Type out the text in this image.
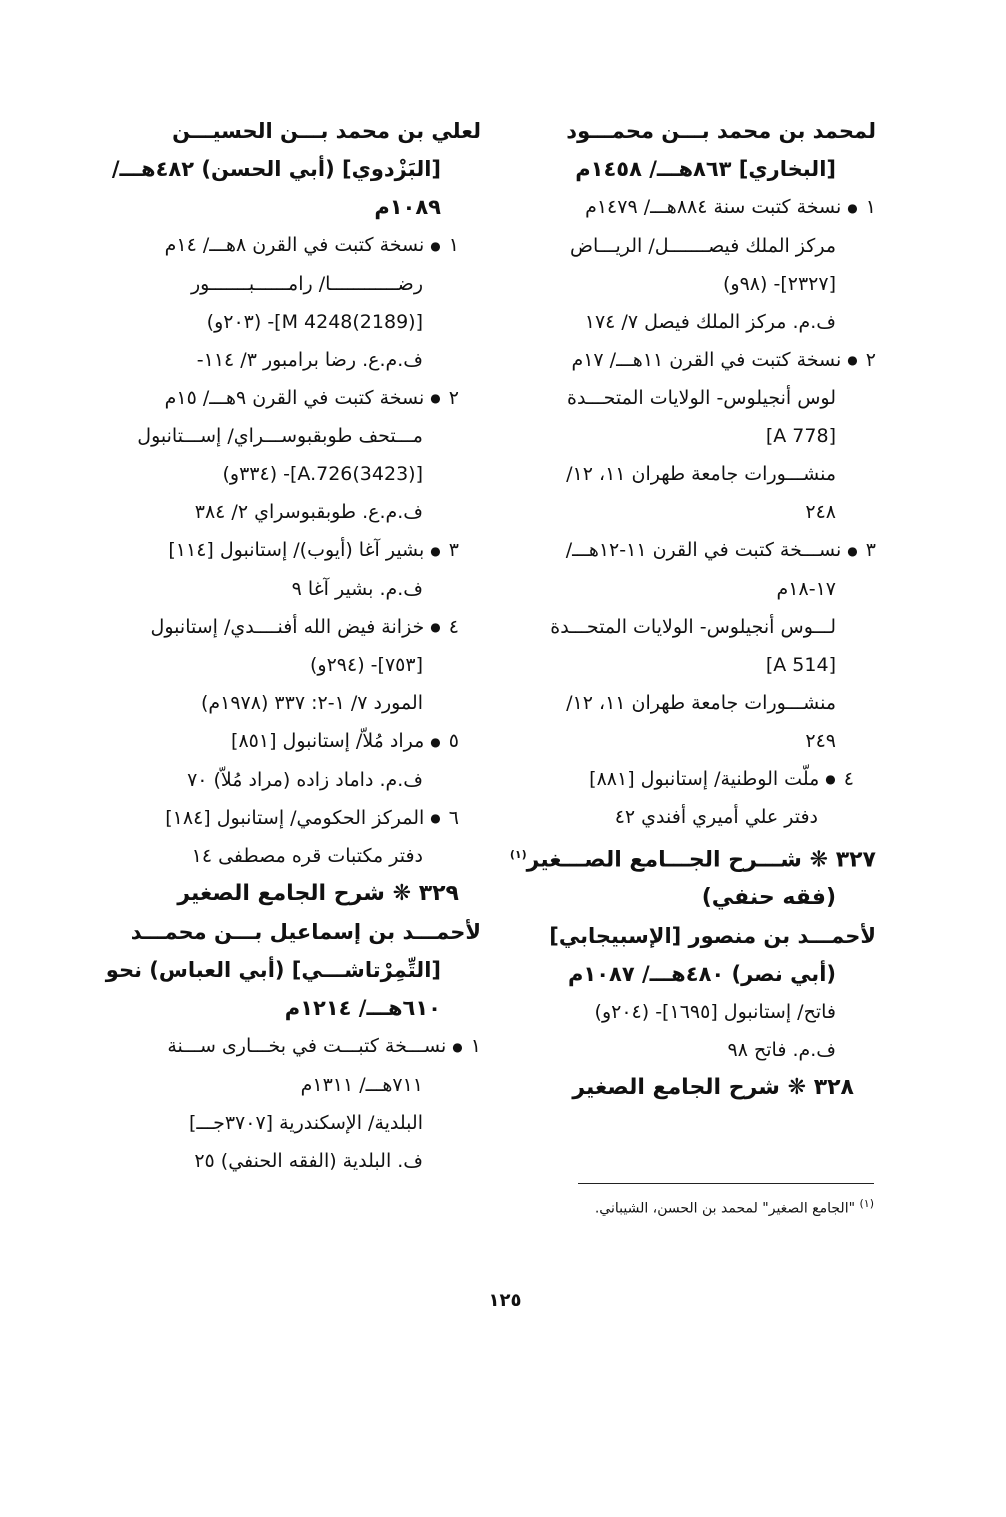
لمحمد بن محمد بـــن محمـــود
[البخاري] ٨٦٣هـــ/ ١٤٥٨م
١●نسخة كتبت سنة ٨٨٤هـــ/ ١٤٧٩م
مركز الملك فيصـــــــل/ الريـــاض
[٢٣٢٧]- (٩٨و)
ف.م. مركز الملك فيصل ٧/ ١٧٤
٢●نسخة كتبت في القرن ١١هـــ/ ١٧م
لوس أنجيلوس- الولايات المتحـــدة
[A 778]
منشـــورات جامعة طهران ١١، ١٢/
٢٤٨
٣●نســـخة كتبت في القرن ١١-١٢هـــ/
١٧-١٨م
لـــوس أنجيلوس- الولايات المتحـــدة
[A 514]
منشـــورات جامعة طهران ١١، ١٢/
٢٤٩
٤●ملّت الوطنية/ إستانبول [٨٨١]
دفتر علي أميري أفندي ٤٢
٣٢٧ ❋ شـــرح الجـــامع الصـــغير$^{(١)}$
(فقه حنفي)
لأحمـــد بن منصور [الإسبيجابي]
(أبي نصر) ٤٨٠هـــ/ ١٠٨٧م
فاتح/ إستانبول [١٦٩٥]- (٢٠٤و)
ف.م. فاتح ٩٨
٣٢٨ ❋ شرح الجامع الصغير
لعلي بن محمد بـــن الحسيـــن
[البَزْدوي] (أبي الحسن) ٤٨٢هـــ/
١٠٨٩م
١●نسخة كتبت في القرن ٨هـــ/ ١٤م
رضــــــــــــا/ رامــــــبـــــــور
[M 4248(2189)]- (٢٠٣و)
ف.م.ع. رضا برامبور ٣/ ١١٤-
٢●نسخة كتبت في القرن ٩هـــ/ ١٥م
مـــتحف طوبقبوســـراي/ إســـتانبول
[A.726(3423)]- (٣٣٤و)
ف.م.ع. طوبقبوسراي ٢/ ٣٨٤
٣●بشير آغا (أيوب)/ إستانبول [١١٤]
ف.م. بشير آغا ٩
٤●خزانة فيض الله أفنــــدي/ إستانبول
[٧٥٣]- (٢٩٤و)
المورد ٧/ ١-٢: ٣٣٧ (١٩٧٨م)
٥●مراد مُلاّ/ إستانبول [٨٥١]
ف.م. داماد زاده (مراد مُلاّ) ٧٠
٦●المركز الحكومي/ إستانبول [١٨٤]
دفتر مكتبات قره مصطفى ١٤
٣٢٩ ❋ شرح الجامع الصغير
لأحمـــد بن إسماعيل بـــن محمـــد
[التِّمِرْتاشـــي] (أبي العباس) نحو
٦١٠هـــ/ ١٢١٤م
١●نســـخة كتبـــت في بخـــارى ســـنة
٧١١هـــ/ ١٣١١م
البلدية/ الإسكندرية [٣٧٠٧جـــ]
ف. البلدية (الفقه الحنفي) ٢٥
$^{(١)}$ "الجامع الصغير" لمحمد بن الحسن، الشيباني.
١٢٥
